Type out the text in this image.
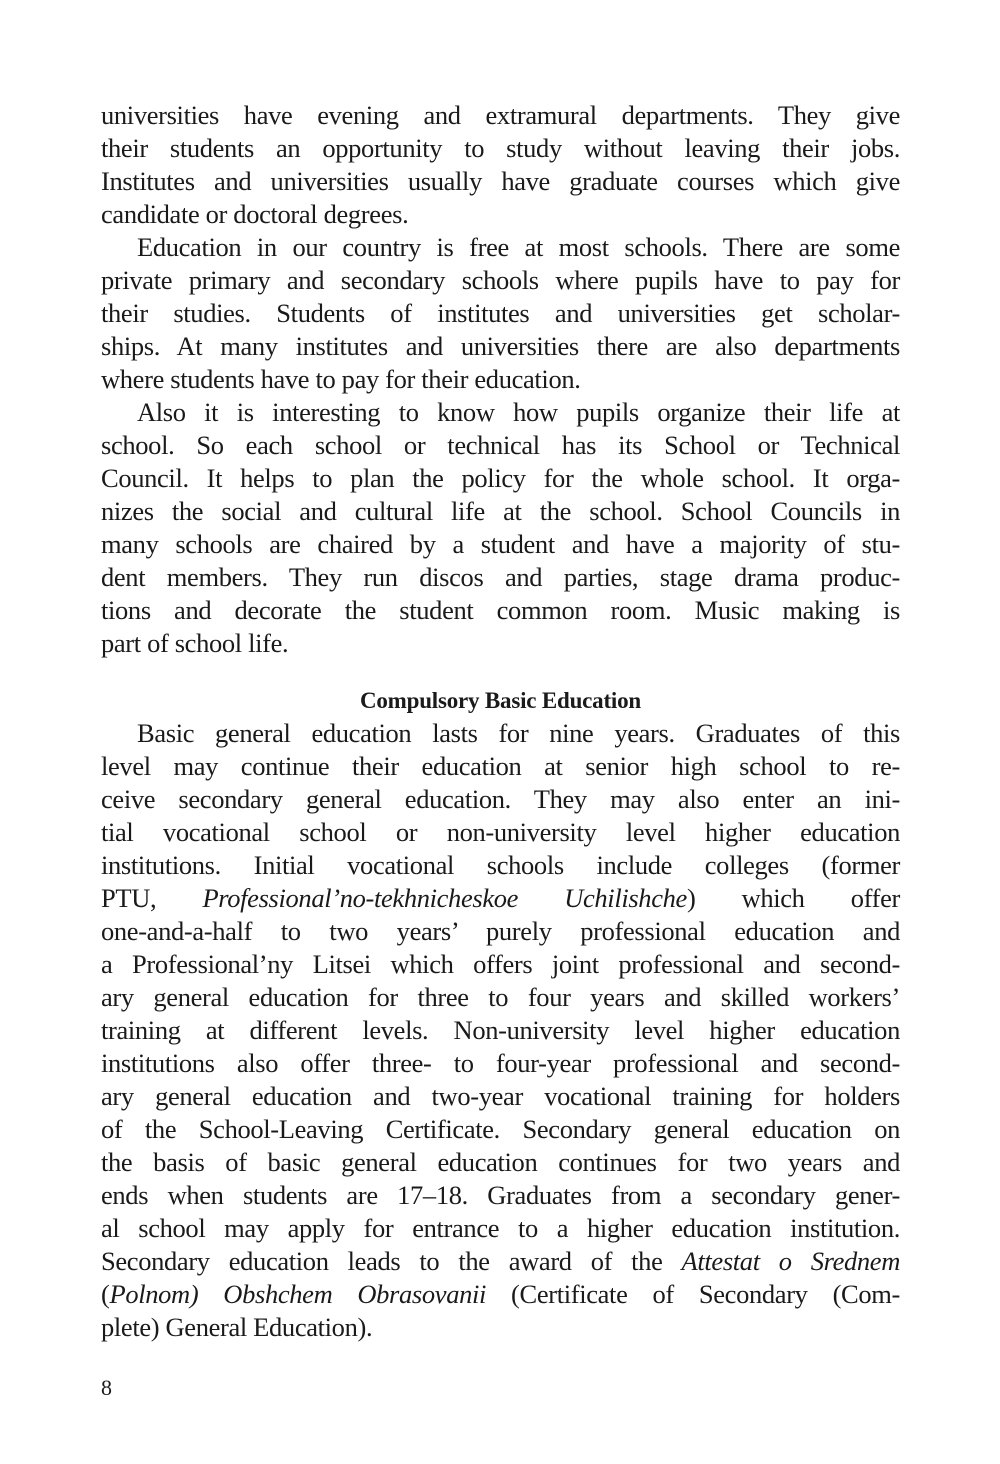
universities have evening and extramural departments. They give
their students an opportunity to study without leaving their jobs.
Institutes and universities usually have graduate courses which give
candidate or doctoral degrees.
Education in our country is free at most schools. There are some
private primary and secondary schools where pupils have to pay for
their studies. Students of institutes and universities get scholar-
ships. At many institutes and universities there are also departments
where students have to pay for their education.
Also it is interesting to know how pupils organize their life at
school. So each school or technical has its School or Technical
Council. It helps to plan the policy for the whole school. It orga-
nizes the social and cultural life at the school. School Councils in
many schools are chaired by a student and have a majority of stu-
dent members. They run discos and parties, stage drama produc-
tions and decorate the student common room. Music making is
part of school life.
Compulsory Basic Education
Basic general education lasts for nine years. Graduates of this
level may continue their education at senior high school to re-
ceive secondary general education. They may also enter an ini-
tial vocational school or non-university level higher education
institutions. Initial vocational schools include colleges (former
PTU, Professional’no-tekhnicheskoe Uchilishche) which offer
one-and-a-half to two years’ purely professional education and
a Professional’ny Litsei which offers joint professional and second-
ary general education for three to four years and skilled workers’
training at different levels. Non-university level higher education
institutions also offer three- to four-year professional and second-
ary general education and two-year vocational training for holders
of the School-Leaving Certificate. Secondary general education on
the basis of basic general education continues for two years and
ends when students are 17–18. Graduates from a secondary gener-
al school may apply for entrance to a higher education institution.
Secondary education leads to the award of the Attestat o Srednem
(Polnom) Obshchem Obrasovanii (Certificate of Secondary (Com-
plete) General Education).
8
